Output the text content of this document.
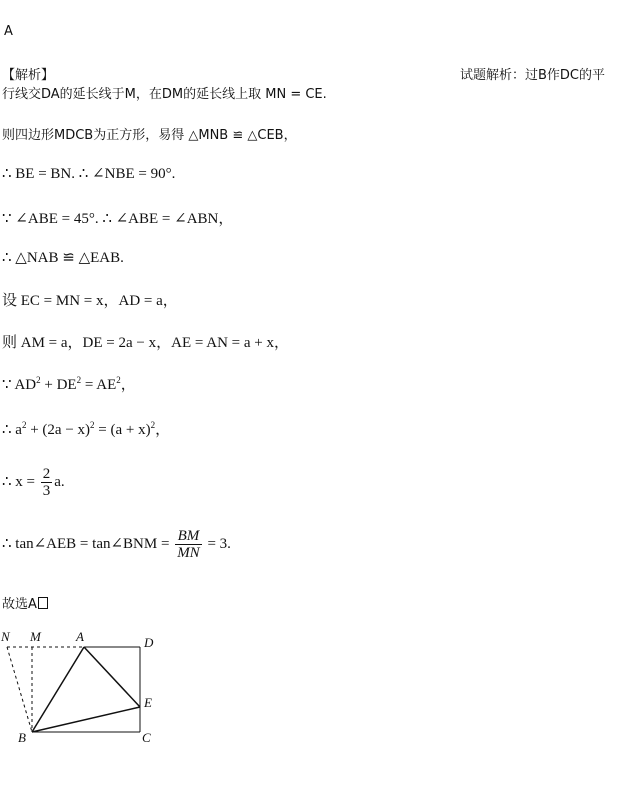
A
【解析】	试题解析：过B作DC的平
行线交DA的延长线于M，在DM的延长线上取 MN = CE.
则四边形MDCB为正方形，易得 △MNB ≌ △CEB，
∴ BE = BN. ∴ ∠NBE = 90°.
∵ ∠ABE = 45°. ∴ ∠ABE = ∠ABN，
∴ △NAB ≌ △EAB.
设 EC = MN = x，AD = a，
则 AM = a，DE = 2a − x，AE = AN = a + x，
∵ $AD^2 + DE^2 = AE^2$，
∴ $a^2 + (2a - x)^2 = (a + x)^2$，
∴ $x = \frac{2}{3} a$.
∴ tan∠AEB = tan∠BNM = $\frac{BM}{MN} = 3$.
故选A
N M	A	D
E
B	C
